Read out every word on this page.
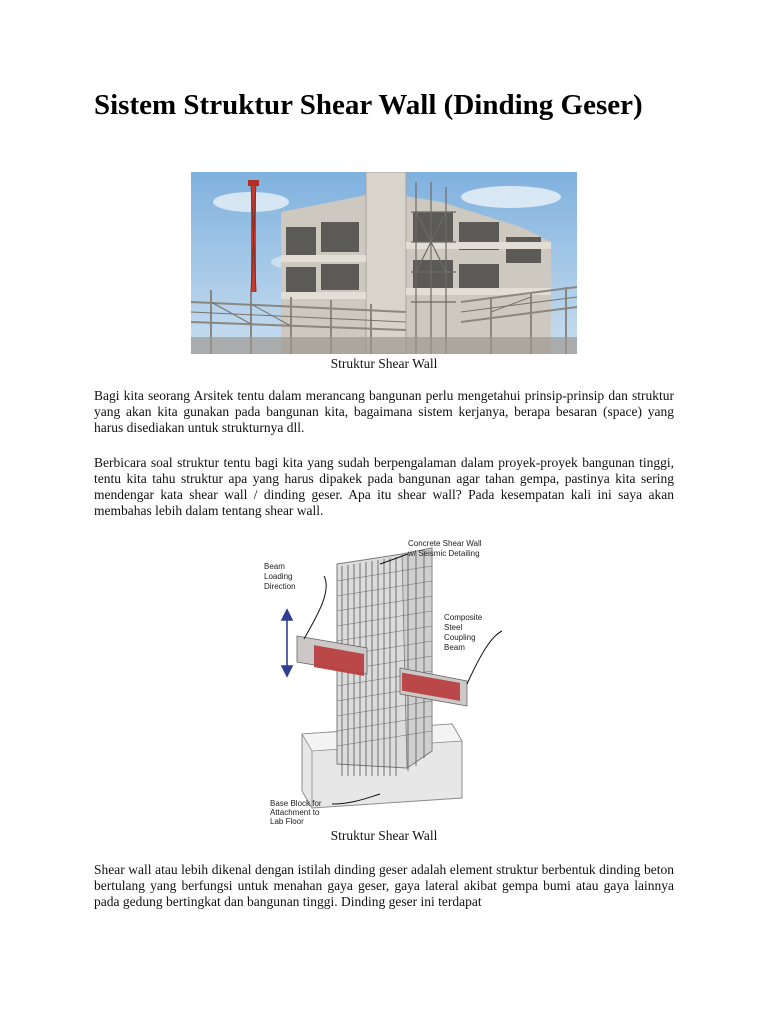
Sistem Struktur Shear Wall (Dinding Geser)
Struktur Shear Wall

Bagi kita seorang Arsitek tentu dalam merancang bangunan perlu mengetahui prinsip-prinsip dan struktur yang akan kita gunakan pada bangunan kita, bagaimana sistem kerjanya, berapa besaran (space) yang harus disediakan untuk strukturnya dll.

Berbicara soal struktur tentu bagi kita yang sudah berpengalaman dalam proyek-proyek bangunan tinggi, tentu kita tahu struktur apa yang harus dipakek pada bangunan agar tahan gempa, pastinya kita sering mendengar kata shear wall / dinding geser. Apa itu shear wall? Pada kesempatan kali ini saya akan membahas lebih dalam tentang shear wall.

Concrete Shear Wall
w/ Seismic Detailing
Beam
Loading
Direction
Composite
Steel
Coupling
Beam
Base Block for
Attachment to
Lab Floor
Struktur Shear Wall

Shear wall atau lebih dikenal dengan istilah dinding geser adalah element struktur berbentuk dinding beton bertulang yang berfungsi untuk menahan gaya geser, gaya lateral akibat gempa bumi atau gaya lainnya pada gedung bertingkat dan bangunan tinggi. Dinding geser ini terdapat
